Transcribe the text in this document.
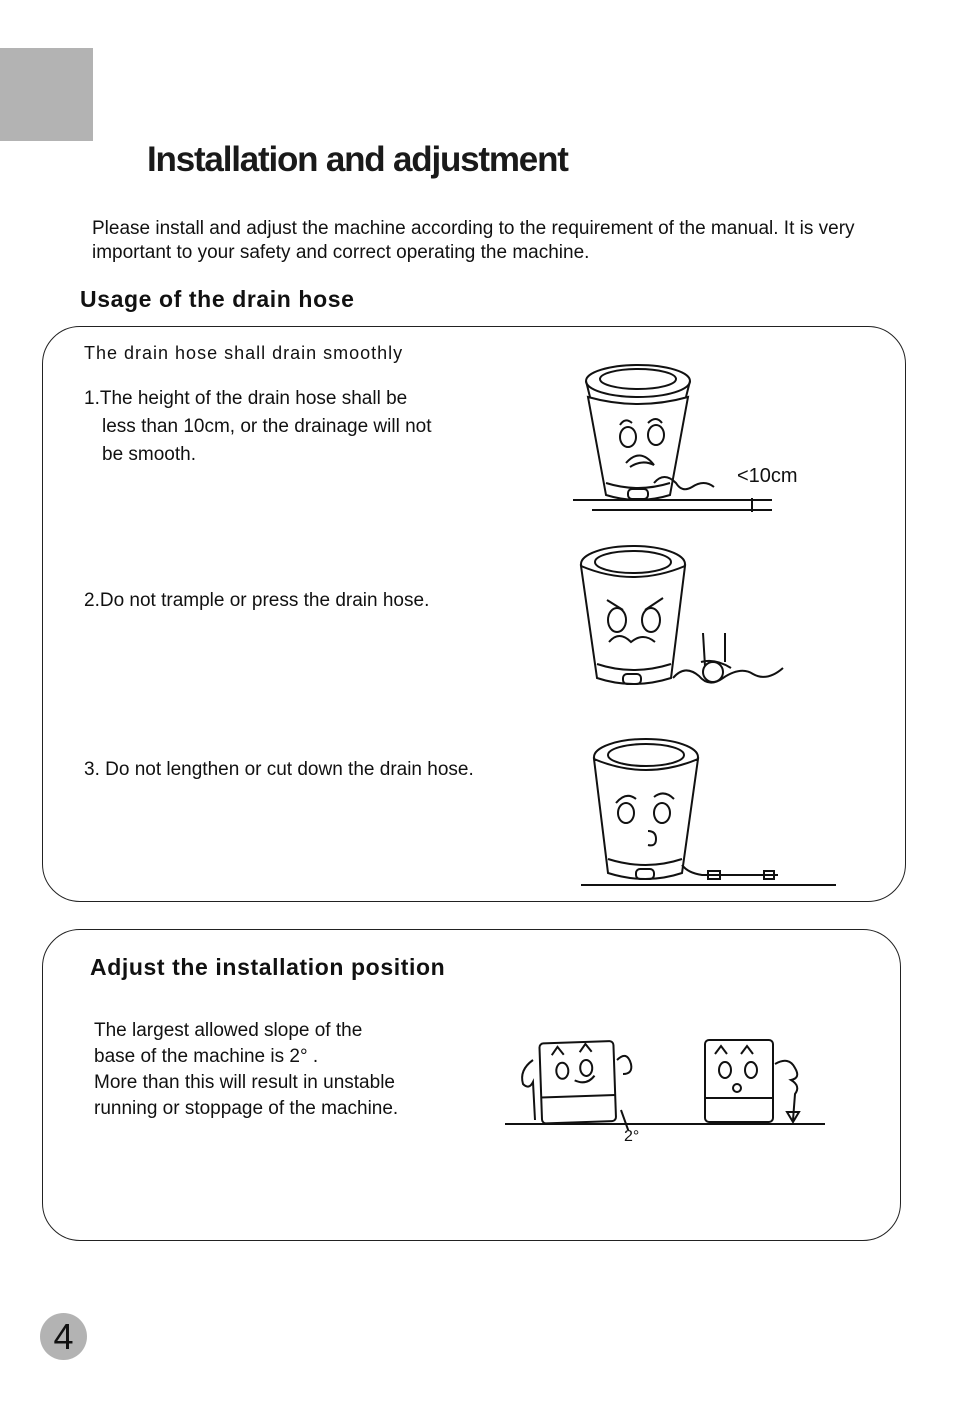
Installation and adjustment

Please install and adjust the machine according to the requirement of the manual. It is very important to your safety and correct operating the machine.

Usage of the drain hose

The drain hose shall drain smoothly

1.The height of the drain hose shall be
less than 10cm, or the drainage will not
be smooth.

2.Do not trample or press the drain hose.

3. Do not lengthen or cut down the drain hose.

<10cm

Adjust the installation position

The largest allowed slope of the
base of the machine is 2° .
More than this will result in unstable
running or stoppage of the machine.

2°

4
